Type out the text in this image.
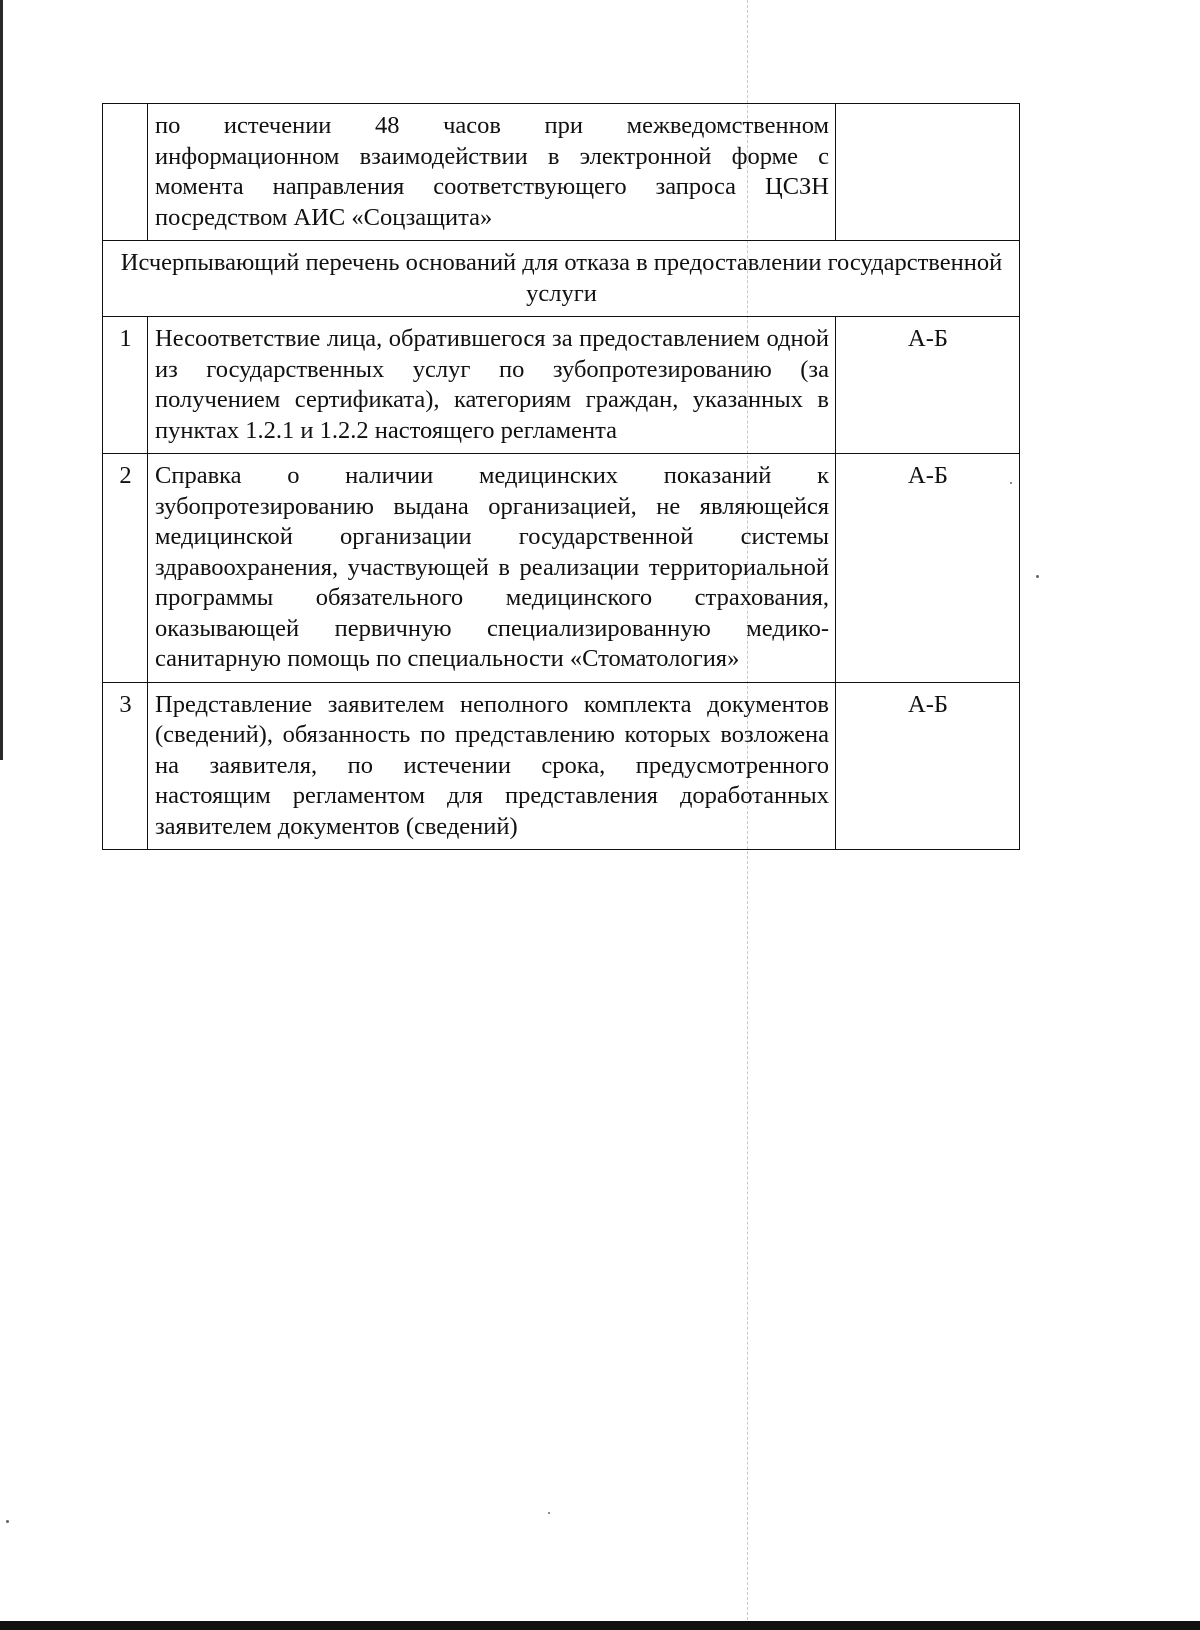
	по истечении 48 часов при межведомственном информационном взаимодействии в электронной форме с момента направления соответствующего запроса ЦСЗН посредством АИС «Соцзащита»	
Исчерпывающий перечень оснований для отказа в предоставлении государственной услуги		
1	Несоответствие лица, обратившегося за предоставлением одной из государственных услуг по зубопротезированию (за получением сертификата), категориям граждан, указанных в пунктах 1.2.1 и 1.2.2 настоящего регламента	А-Б
2	Справка о наличии медицинских показаний к зубопротезированию выдана организацией, не являющейся медицинской организации государственной системы здравоохранения, участвующей в реализации территориальной программы обязательного медицинского страхования, оказывающей первичную специализированную медико-санитарную помощь по специальности «Стоматология»	А-Б
3	Представление заявителем неполного комплекта документов (сведений), обязанность по представлению которых возложена на заявителя, по истечении срока, предусмотренного настоящим регламентом для представления доработанных заявителем документов (сведений)	А-Б
